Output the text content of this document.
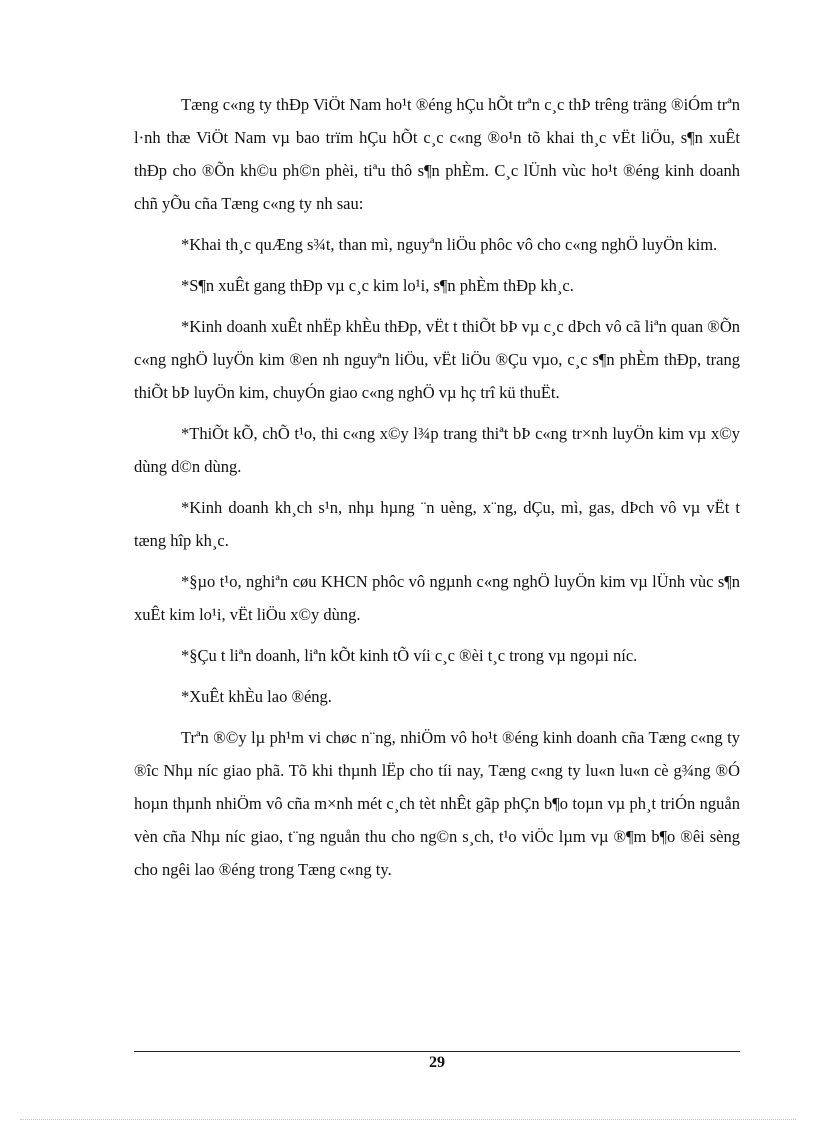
Tæng c«ng ty thÐp ViÖt Nam ho¹t ®éng hÇu hÕt trªn c¸c thÞ trêng träng ®iÓm trªn l·nh thæ ViÖt Nam vµ bao trïm hÇu hÕt c¸c c«ng ®o¹n tõ khai th¸c vËt liÖu, s¶n xuÊt thÐp cho ®Õn kh©u ph©n phèi, tiªu thô s¶n phÈm. C¸c lÜnh vùc ho¹t ®éng kinh doanh chñ yÕu cña Tæng c«ng ty nh sau:

*Khai th¸c quÆng s¾t, than mì, nguyªn liÖu phôc vô cho c«ng nghÖ luyÖn kim.

*S¶n xuÊt gang thÐp vµ c¸c kim lo¹i, s¶n phÈm thÐp kh¸c.

*Kinh doanh xuÊt nhËp khÈu thÐp, vËt t thiÕt bÞ vµ c¸c dÞch vô cã liªn quan ®Õn c«ng nghÖ luyÖn kim ®en nh nguyªn liÖu, vËt liÖu ®Çu vµo, c¸c s¶n phÈm thÐp, trang thiÕt bÞ luyÖn kim, chuyÓn giao c«ng nghÖ vµ hç trî kü thuËt.

*ThiÕt kÕ, chÕ t¹o, thi c«ng x©y l¾p trang thiªt bÞ c«ng tr×nh luyÖn kim vµ x©y dùng d©n dùng.

*Kinh doanh kh¸ch s¹n, nhµ hµng ¨n uèng, x¨ng, dÇu, mì, gas, dÞch vô vµ vËt t tæng hîp kh¸c.

*§µo t¹o, nghiªn cøu KHCN phôc vô ngµnh c«ng nghÖ luyÖn kim vµ lÜnh vùc s¶n xuÊt kim lo¹i, vËt liÖu x©y dùng.

*§Çu t liªn doanh, liªn kÕt kinh tÕ víi c¸c ®èi t¸c trong vµ ngoµi níc.

*XuÊt khÈu lao ®éng.

Trªn ®©y lµ ph¹m vi chøc n¨ng, nhiÖm vô ho¹t ®éng kinh doanh cña Tæng c«ng ty ®îc Nhµ níc giao phã. Tõ khi thµnh lËp cho tíi nay, Tæng c«ng ty lu«n lu«n cè g¾ng ®Ó hoµn thµnh nhiÖm vô cña m×nh mét c¸ch tèt nhÊt gãp phÇn b¶o toµn vµ ph¸t triÓn nguån vèn cña Nhµ níc giao, t¨ng nguån thu cho ng©n s¸ch, t¹o viÖc lµm vµ ®¶m b¶o ®êi sèng cho ngêi lao ®éng trong Tæng c«ng ty.

29
